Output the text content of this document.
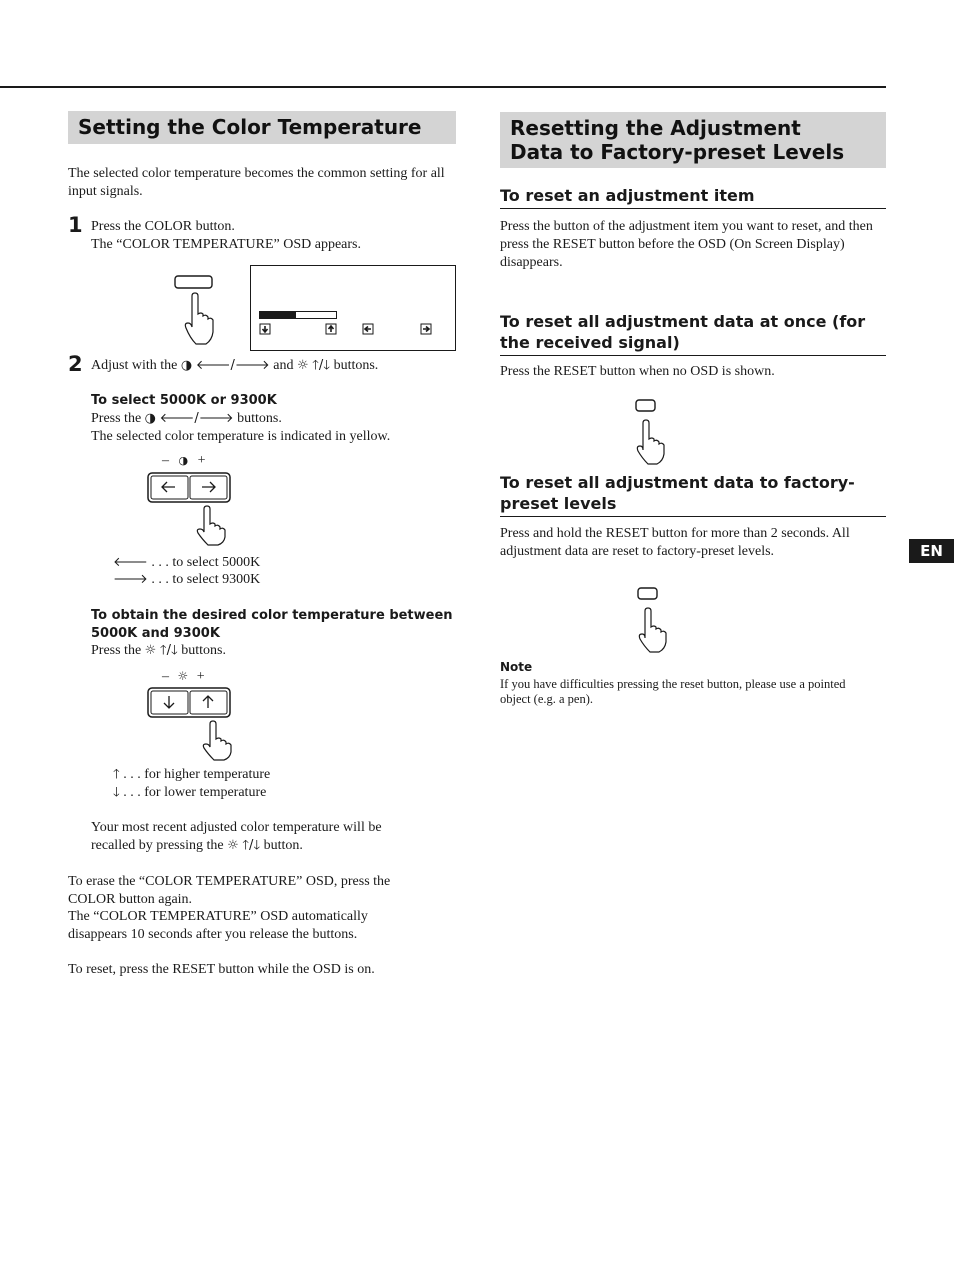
Setting the Color Temperature
The selected color temperature becomes the common setting for all input signals.
1 Press the COLOR button.
The “COLOR TEMPERATURE” OSD appears.
2 Adjust with the ◑ 🡐/🡒 and ☼ 🡑/🡓 buttons.
To select 5000K or 9300K
Press the ◑ 🡐/🡒 buttons.
The selected color temperature is indicated in yellow.
– ◑ +
🡐 . . . to select 5000K
🡒 . . . to select 9300K
To obtain the desired color temperature between
5000K and 9300K
Press the ☼ 🡑/🡓 buttons.
– ☼ +
🡑 . . . for higher temperature
🡓 . . . for lower temperature
Your most recent adjusted color temperature will be
recalled by pressing the ☼ 🡑/🡓 button.
To erase the “COLOR TEMPERATURE” OSD, press the COLOR button again.
The “COLOR TEMPERATURE” OSD automatically disappears 10 seconds after you release the buttons.
To reset, press the RESET button while the OSD is on.
Resetting the Adjustment
Data to Factory-preset Levels
To reset an adjustment item
Press the button of the adjustment item you want to reset, and then press the RESET button before the OSD (On Screen Display) disappears.
To reset all adjustment data at once (for
the received signal)
Press the RESET button when no OSD is shown.
To reset all adjustment data to factory-
preset levels
Press and hold the RESET button for more than 2 seconds. All adjustment data are reset to factory-preset levels.
Note
If you have difficulties pressing the reset button, please use a pointed object (e.g. a pen).
EN
